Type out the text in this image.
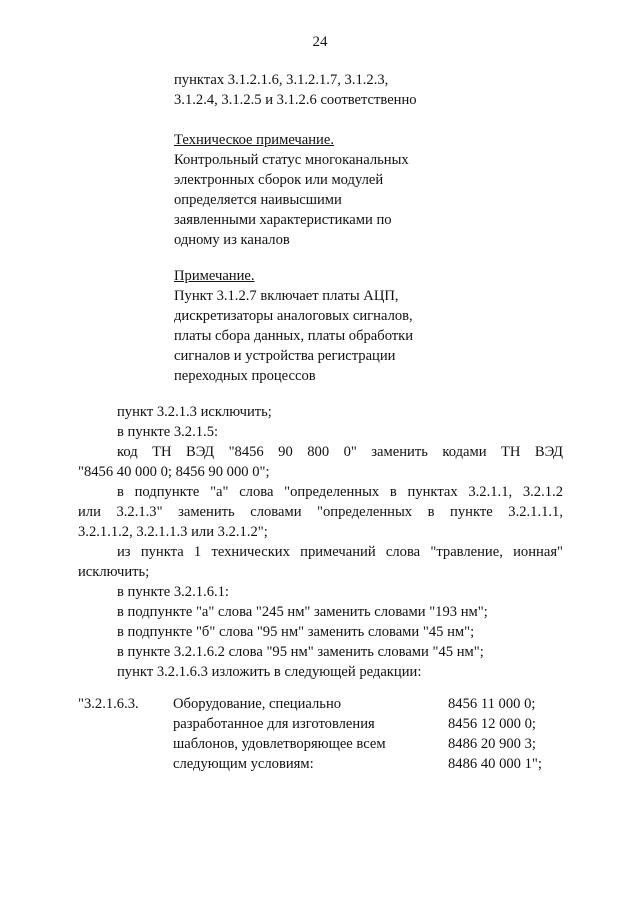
24
пунктах 3.1.2.1.6, 3.1.2.1.7, 3.1.2.3,
3.1.2.4, 3.1.2.5 и 3.1.2.6 соответственно
Техническое примечание.
Контрольный статус многоканальных
электронных сборок или модулей
определяется наивысшими
заявленными характеристиками по
одному из каналов
Примечание.
Пункт 3.1.2.7 включает платы АЦП,
дискретизаторы аналоговых сигналов,
платы сбора данных, платы обработки
сигналов и устройства регистрации
переходных процессов
пункт 3.2.1.3 исключить;
в пункте 3.2.1.5:
код ТН ВЭД "8456 90 800 0" заменить кодами ТН ВЭД
"8456 40 000 0; 8456 90 000 0";
в подпункте "а" слова "определенных в пунктах 3.2.1.1, 3.2.1.2
или 3.2.1.3" заменить словами "определенных в пункте 3.2.1.1.1,
3.2.1.1.2, 3.2.1.1.3 или 3.2.1.2";
из пункта 1 технических примечаний слова "травление, ионная"
исключить;
в пункте 3.2.1.6.1:
в подпункте "а" слова "245 нм" заменить словами "193 нм";
в подпункте "б" слова "95 нм" заменить словами "45 нм";
в пункте 3.2.1.6.2 слова "95 нм" заменить словами "45 нм";
пункт 3.2.1.6.3 изложить в следующей редакции:
"3.2.1.6.3. Оборудование, специально	8456 11 000 0;
разработанное для изготовления	8456 12 000 0;
шаблонов, удовлетворяющее всем	8486 20 900 3;
следующим условиям:	8486 40 000 1";
